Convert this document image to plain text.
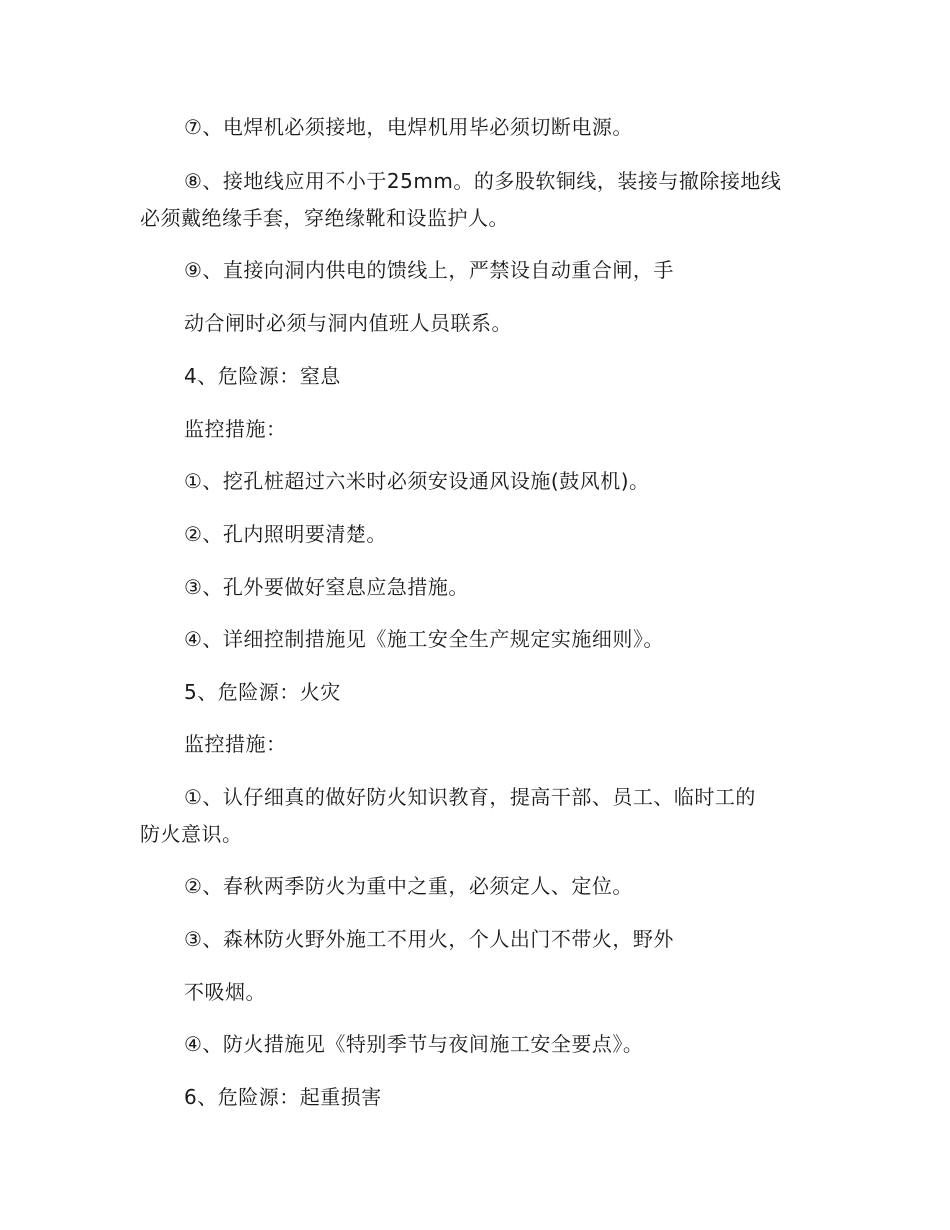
⑦、电焊机必须接地，电焊机用毕必须切断电源。
⑧、接地线应用不小于25mm。的多股软铜线，装接与撤除接地线
必须戴绝缘手套，穿绝缘靴和设监护人。
⑨、直接向洞内供电的馈线上，严禁设自动重合闸，手
动合闸时必须与洞内值班人员联系。
4、危险源：窒息
监控措施：
①、挖孔桩超过六米时必须安设通风设施(鼓风机)。
②、孔内照明要清楚。
③、孔外要做好窒息应急措施。
④、详细控制措施见《施工安全生产规定实施细则》。
5、危险源：火灾
监控措施：
①、认仔细真的做好防火知识教育，提高干部、员工、临时工的
防火意识。
②、春秋两季防火为重中之重，必须定人、定位。
③、森林防火野外施工不用火，个人出门不带火，野外
不吸烟。
④、防火措施见《特别季节与夜间施工安全要点》。
6、危险源：起重损害
